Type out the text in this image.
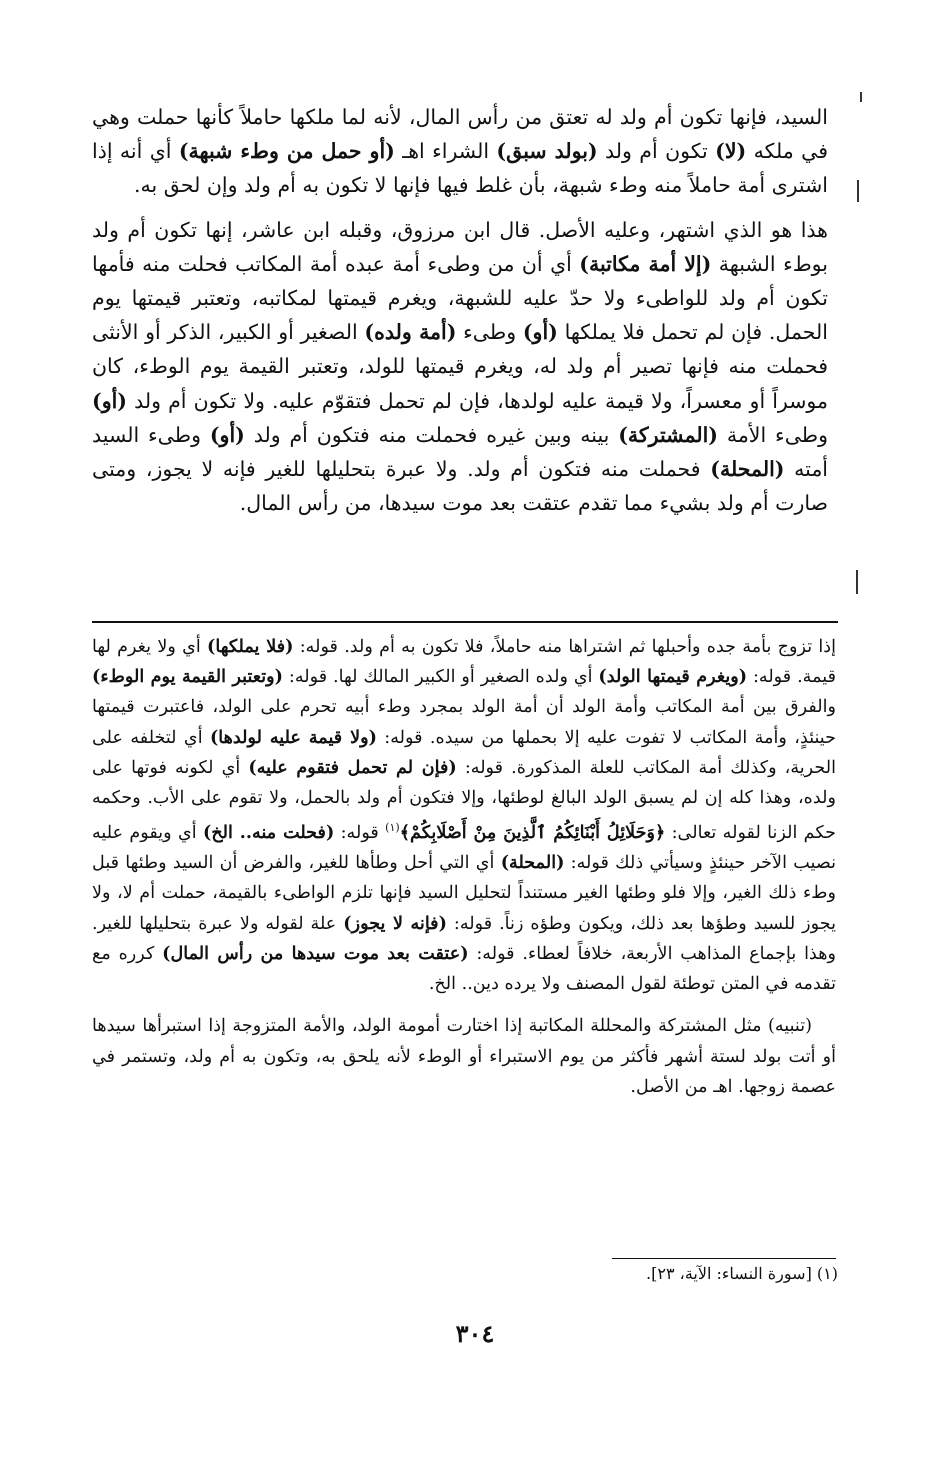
السيد، فإنها تكون أم ولد له تعتق من رأس المال، لأنه لما ملكها حاملاً كأنها حملت وهي في ملكه (لا) تكون أم ولد (بولد سبق) الشراء اهـ (أو حمل من وطء شبهة) أي أنه إذا اشترى أمة حاملاً منه وطء شبهة، بأن غلط فيها فإنها لا تكون به أم ولد وإن لحق به.

هذا هو الذي اشتهر، وعليه الأصل. قال ابن مرزوق، وقبله ابن عاشر، إنها تكون أم ولد بوطء الشبهة (إلا أمة مكاتبة) أي أن من وطىء أمة عبده أمة المكاتب فحلت منه فأمها تكون أم ولد للواطىء ولا حدّ عليه للشبهة، ويغرم قيمتها لمكاتبه، وتعتبر قيمتها يوم الحمل. فإن لم تحمل فلا يملكها (أو) وطىء (أمة ولده) الصغير أو الكبير، الذكر أو الأنثى فحملت منه فإنها تصير أم ولد له، ويغرم قيمتها للولد، وتعتبر القيمة يوم الوطء، كان موسراً أو معسراً، ولا قيمة عليه لولدها، فإن لم تحمل فتقوّم عليه. ولا تكون أم ولد (أو) وطىء الأمة (المشتركة) بينه وبين غيره فحملت منه فتكون أم ولد (أو) وطىء السيد أمته (المحلة) فحملت منه فتكون أم ولد. ولا عبرة بتحليلها للغير فإنه لا يجوز، ومتى صارت أم ولد بشيء مما تقدم عتقت بعد موت سيدها، من رأس المال.

إذا تزوج بأمة جده وأحبلها ثم اشتراها منه حاملاً، فلا تكون به أم ولد. قوله: (فلا يملكها) أي ولا يغرم لها قيمة. قوله: (ويغرم قيمتها الولد) أي ولده الصغير أو الكبير المالك لها. قوله: (وتعتبر القيمة يوم الوطء) والفرق بين أمة المكاتب وأمة الولد أن أمة الولد بمجرد وطء أبيه تحرم على الولد، فاعتبرت قيمتها حينئذٍ، وأمة المكاتب لا تفوت عليه إلا بحملها من سيده. قوله: (ولا قيمة عليه لولدها) أي لتخلفه على الحرية، وكذلك أمة المكاتب للعلة المذكورة. قوله: (فإن لم تحمل فتقوم عليه) أي لكونه فوتها على ولده، وهذا كله إن لم يسبق الولد البالغ لوطئها، وإلا فتكون أم ولد بالحمل، ولا تقوم على الأب. وحكمه حكم الزنا لقوله تعالى: ﴿وَحَلَائِلُ أَبْنَائِكُمُ ٱلَّذِينَ مِنْ أَصْلَابِكُمْ﴾$^{(١)}$ قوله: (فحلت منه.. الخ) أي ويقوم عليه نصيب الآخر حينئذٍ وسيأتي ذلك قوله: (المحلة) أي التي أحل وطأها للغير، والفرض أن السيد وطئها قبل وطء ذلك الغير، وإلا فلو وطئها الغير مستنداً لتحليل السيد فإنها تلزم الواطىء بالقيمة، حملت أم لا، ولا يجوز للسيد وطؤها بعد ذلك، ويكون وطؤه زناً. قوله: (فإنه لا يجوز) علة لقوله ولا عبرة بتحليلها للغير. وهذا بإجماع المذاهب الأربعة، خلافاً لعطاء. قوله: (عتقت بعد موت سيدها من رأس المال) كرره مع تقدمه في المتن توطئة لقول المصنف ولا يرده دين.. الخ.

(تنبيه) مثل المشتركة والمحللة المكاتبة إذا اختارت أمومة الولد، والأمة المتزوجة إذا استبرأها سيدها أو أتت بولد لستة أشهر فأكثر من يوم الاستبراء أو الوطء لأنه يلحق به، وتكون به أم ولد، وتستمر في عصمة زوجها. اهـ من الأصل.

(١) [سورة النساء: الآية، ٢٣].
٣٠٤
